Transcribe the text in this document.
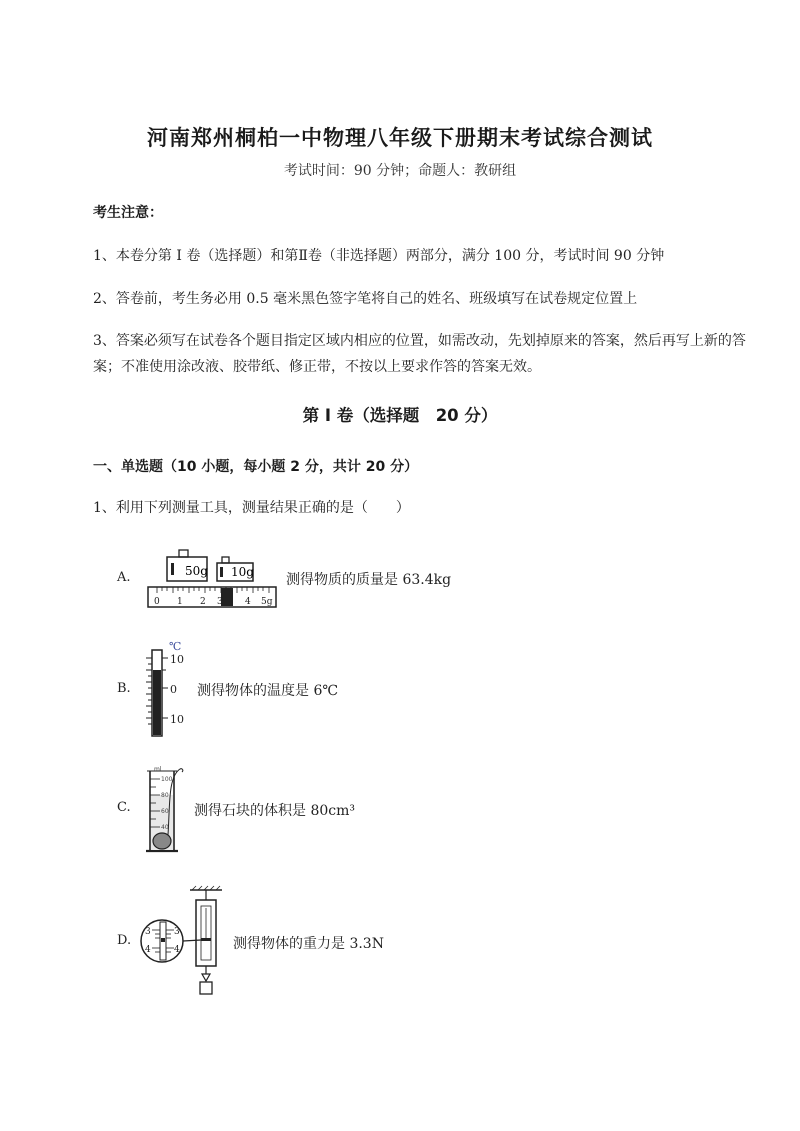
河南郑州桐柏一中物理八年级下册期末考试综合测试
考试时间：90 分钟；命题人：教研组
考生注意：
1、本卷分第 I 卷（选择题）和第Ⅱ卷（非选择题）两部分，满分 100 分，考试时间 90 分钟
2、答卷前，考生务必用 0.5 毫米黑色签字笔将自己的姓名、班级填写在试卷规定位置上
3、答案必须写在试卷各个题目指定区域内相应的位置，如需改动，先划掉原来的答案，然后再写上新的答案；不准使用涂改液、胶带纸、修正带，不按以上要求作答的答案无效。
第 I 卷（选择题　20 分）
一、单选题（10 小题，每小题 2 分，共计 20 分）
1、利用下列测量工具，测量结果正确的是（　　）
A.	50g 10g
0 1 2 3 4 5g
测得物质的质量是 63.4kg
B.
℃
10
0
10
测得物体的温度是 6℃
C.
ml
100
80
60
40
测得石块的体积是 80cm³
D.
3
4
3
4	测得物体的重力是 3.3N
